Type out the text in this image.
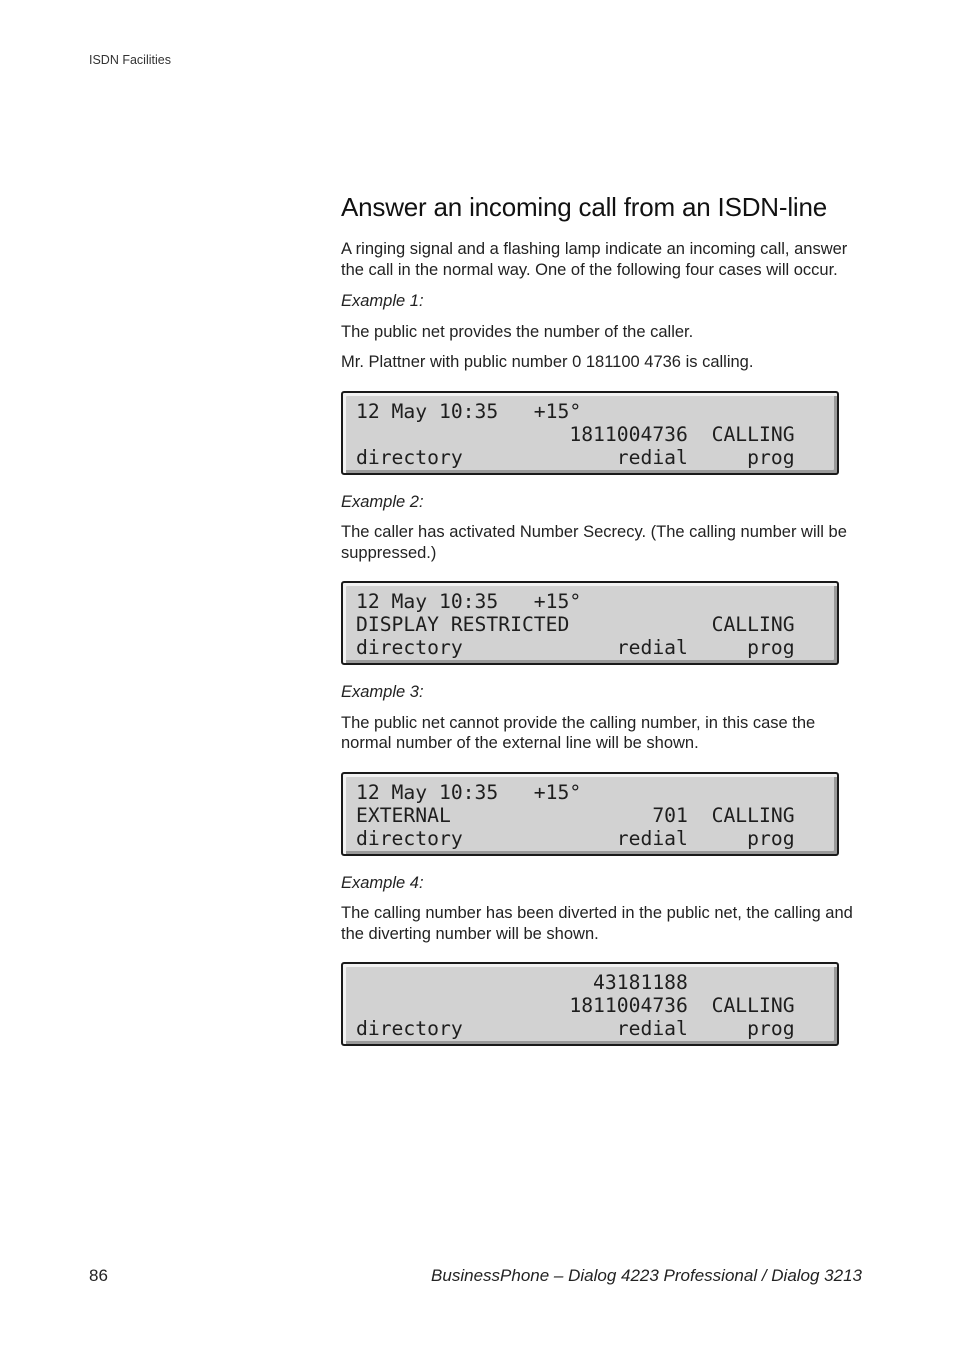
ISDN Facilities
Answer an incoming call from an ISDN-line

A ringing signal and a flashing lamp indicate an incoming call, answer the call in the normal way. One of the following four cases will occur.

Example 1:

The public net provides the number of the caller.

Mr. Plattner with public number 0 181100 4736 is calling.

12 May 10:35   +15°
1811004736  CALLING
directory             redial     prog

Example 2:

The caller has activated Number Secrecy. (The calling number will be suppressed.)

12 May 10:35   +15°
DISPLAY RESTRICTED            CALLING
directory             redial     prog

Example 3:

The public net cannot provide the calling number, in this case the normal number of the external line will be shown.

12 May 10:35   +15°
EXTERNAL                 701  CALLING
directory             redial     prog

Example 4:

The calling number has been diverted in the public net, the calling and the diverting number will be shown.

43181188
1811004736  CALLING
directory             redial     prog
86	BusinessPhone – Dialog 4223 Professional / Dialog 3213
